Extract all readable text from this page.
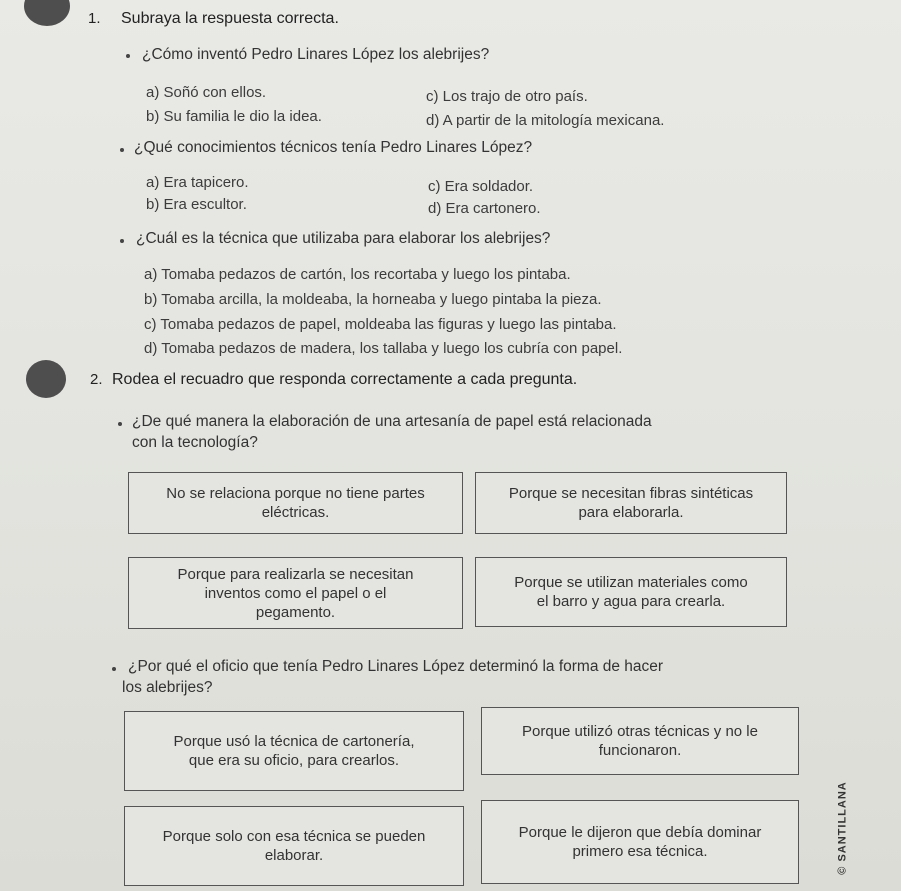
1. Subraya la respuesta correcta.
¿Cómo inventó Pedro Linares López los alebrijes?
a) Soñó con ellos.
b) Su familia le dio la idea.
c) Los trajo de otro país.
d) A partir de la mitología mexicana.
¿Qué conocimientos técnicos tenía Pedro Linares López?
a) Era tapicero.
b) Era escultor.
c) Era soldador.
d) Era cartonero.
¿Cuál es la técnica que utilizaba para elaborar los alebrijes?
a) Tomaba pedazos de cartón, los recortaba y luego los pintaba.
b) Tomaba arcilla, la moldeaba, la horneaba y luego pintaba la pieza.
c) Tomaba pedazos de papel, moldeaba las figuras y luego las pintaba.
d) Tomaba pedazos de madera, los tallaba y luego los cubría con papel.
2. Rodea el recuadro que responda correctamente a cada pregunta.
¿De qué manera la elaboración de una artesanía de papel está relacionada
con la tecnología?
No se relaciona porque no tiene partes
eléctricas.
Porque se necesitan fibras sintéticas
para elaborarla.
Porque para realizarla se necesitan
inventos como el papel o el
pegamento.
Porque se utilizan materiales como
el barro y agua para crearla.
¿Por qué el oficio que tenía Pedro Linares López determinó la forma de hacer
los alebrijes?
Porque usó la técnica de cartonería,
que era su oficio, para crearlos.
Porque utilizó otras técnicas y no le
funcionaron.
Porque solo con esa técnica se pueden
elaborar.
Porque le dijeron que debía dominar
primero esa técnica.	© SANTILLANA
